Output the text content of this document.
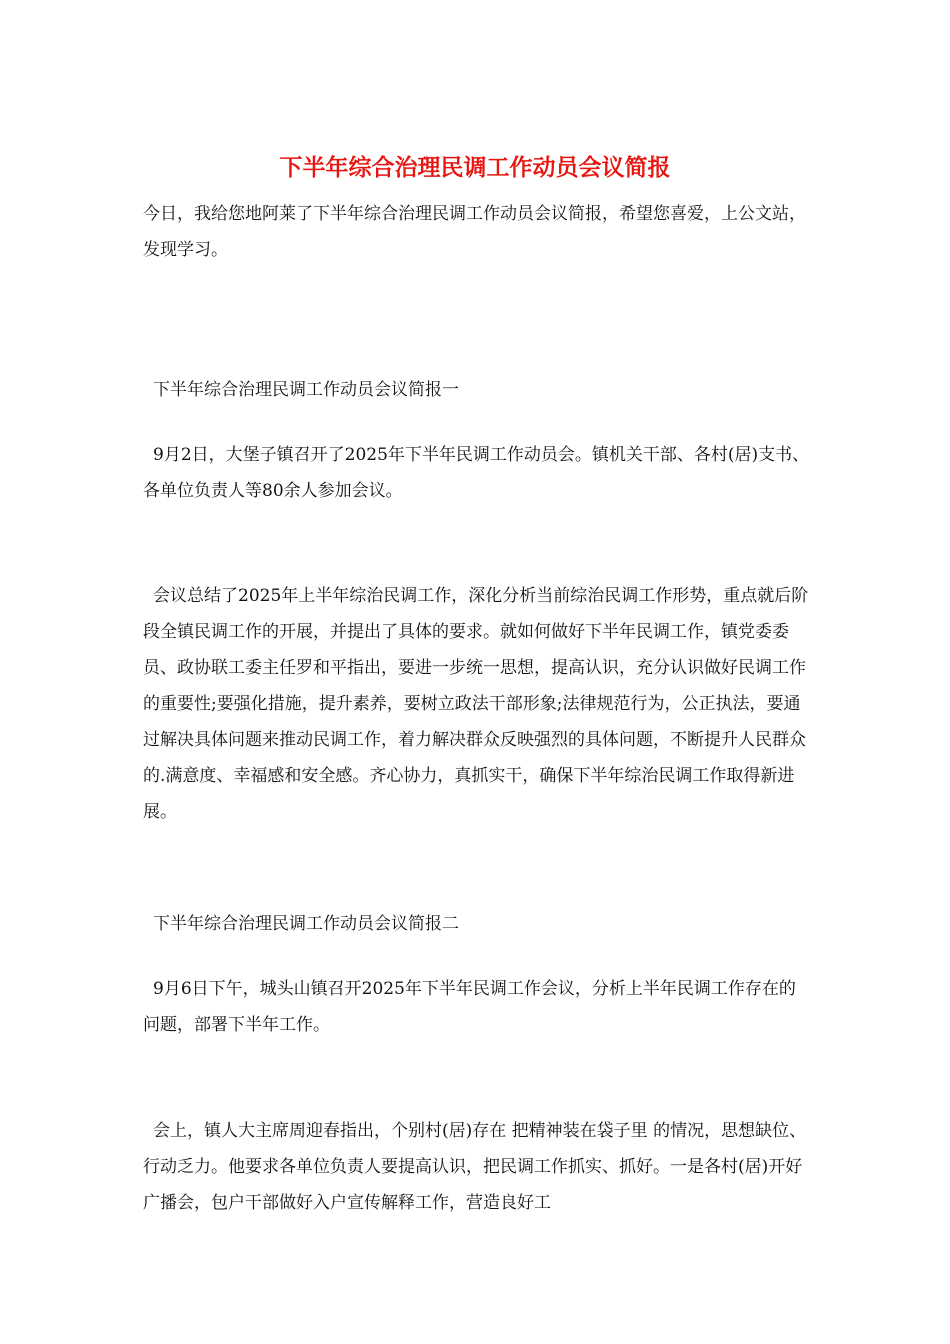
下半年综合治理民调工作动员会议简报

今日，我给您地阿莱了下半年综合治理民调工作动员会议简报，希望您喜爱，上公文站，发现学习。

下半年综合治理民调工作动员会议简报一

9月2日，大堡子镇召开了2025年下半年民调工作动员会。镇机关干部、各村(居)支书、各单位负责人等80余人参加会议。

会议总结了2025年上半年综治民调工作，深化分析当前综治民调工作形势，重点就后阶段全镇民调工作的开展，并提出了具体的要求。就如何做好下半年民调工作，镇党委委员、政协联工委主任罗和平指出，要进一步统一思想，提高认识，充分认识做好民调工作的重要性;要强化措施，提升素养，要树立政法干部形象;法律规范行为，公正执法，要通过解决具体问题来推动民调工作，着力解决群众反映强烈的具体问题，不断提升人民群众的.满意度、幸福感和安全感。齐心协力，真抓实干，确保下半年综治民调工作取得新进展。

下半年综合治理民调工作动员会议简报二

9月6日下午，城头山镇召开2025年下半年民调工作会议，分析上半年民调工作存在的问题，部署下半年工作。

会上，镇人大主席周迎春指出，个别村(居)存在 把精神装在袋子里 的情况，思想缺位、行动乏力。他要求各单位负责人要提高认识，把民调工作抓实、抓好。一是各村(居)开好广播会，包户干部做好入户宣传解释工作，营造良好工
